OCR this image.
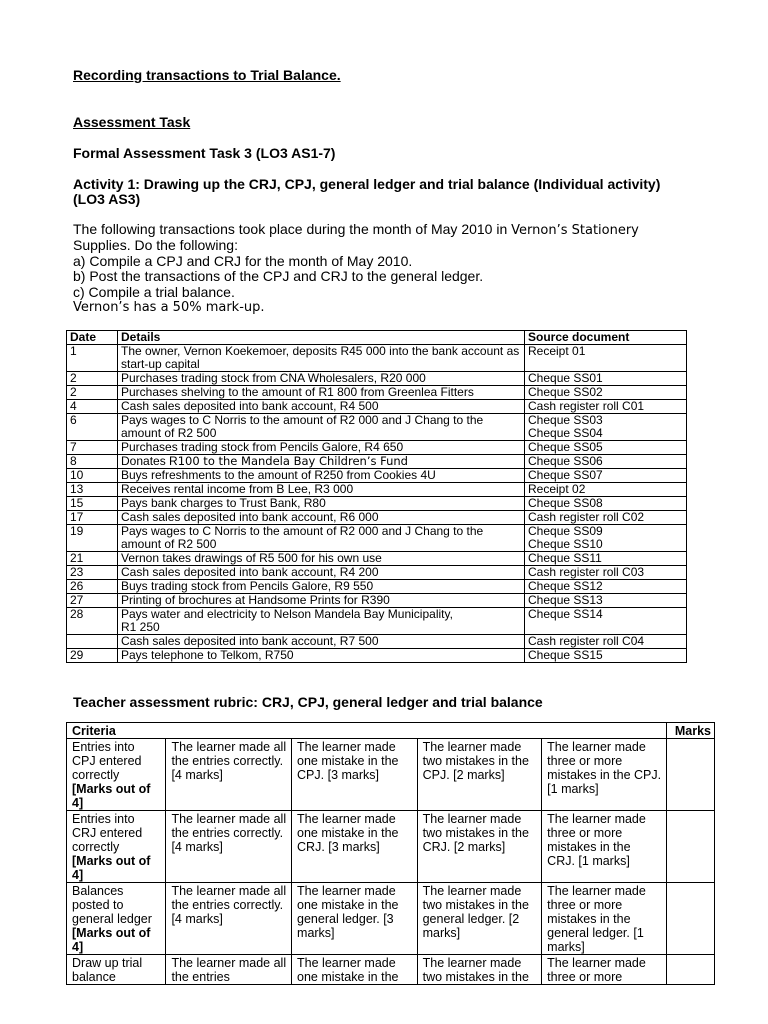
Recording transactions to Trial Balance.
Assessment Task
Formal Assessment Task 3 (LO3 AS1-7)
Activity 1: Drawing up the CRJ, CPJ, general ledger and trial balance (Individual activity) (LO3 AS3)
The following transactions took place during the month of May 2010 in Vernon’s Stationery
Supplies. Do the following:
a) Compile a CPJ and CRJ for the month of May 2010.
b) Post the transactions of the CPJ and CRJ to the general ledger.
c) Compile a trial balance.
Vernon’s has a 50% mark-up.
Date	Details	Source document
1	The owner, Vernon Koekemoer, deposits R45 000 into the bank account as start-up capital	Receipt 01
2	Purchases trading stock from CNA Wholesalers, R20 000	Cheque SS01
2	Purchases shelving to the amount of R1 800 from Greenlea Fitters	Cheque SS02
4	Cash sales deposited into bank account, R4 500	Cash register roll C01
6	Pays wages to C Norris to the amount of R2 000 and J Chang to the amount of R2 500	Cheque SS03
Cheque SS04
7	Purchases trading stock from Pencils Galore, R4 650	Cheque SS05
8	Donates R100 to the Mandela Bay Children’s Fund	Cheque SS06
10	Buys refreshments to the amount of R250 from Cookies 4U	Cheque SS07
13	Receives rental income from B Lee, R3 000	Receipt 02
15	Pays bank charges to Trust Bank, R80	Cheque SS08
17	Cash sales deposited into bank account, R6 000	Cash register roll C02
19	Pays wages to C Norris to the amount of R2 000 and J Chang to the amount of R2 500	Cheque SS09
Cheque SS10
21	Vernon takes drawings of R5 500 for his own use	Cheque SS11
23	Cash sales deposited into bank account, R4 200	Cash register roll C03
26	Buys trading stock from Pencils Galore, R9 550	Cheque SS12
27	Printing of brochures at Handsome Prints for R390	Cheque SS13
28	Pays water and electricity to Nelson Mandela Bay Municipality,
R1 250	Cheque SS14
	Cash sales deposited into bank account, R7 500	Cash register roll C04
29	Pays telephone to Telkom, R750	Cheque SS15
Teacher assessment rubric: CRJ, CPJ, general ledger and trial balance
Criteria					Marks
Entries into CPJ entered correctly
[Marks out of 4]	The learner made all the entries correctly. [4 marks]	The learner made one mistake in the CPJ. [3 marks]	The learner made two mistakes in the CPJ. [2 marks]	The learner made three or more mistakes in the CPJ. [1 marks]	
Entries into CRJ entered correctly
[Marks out of 4]	The learner made all the entries correctly. [4 marks]	The learner made one mistake in the CRJ. [3 marks]	The learner made two mistakes in the CRJ. [2 marks]	The learner made three or more mistakes in the CRJ. [1 marks]	
Balances posted to general ledger
[Marks out of 4]	The learner made all the entries correctly. [4 marks]	The learner made one mistake in the general ledger. [3 marks]	The learner made two mistakes in the general ledger. [2 marks]	The learner made three or more mistakes in the general ledger. [1 marks]	
Draw up trial balance	The learner made all the entries	The learner made one mistake in the	The learner made two mistakes in the	The learner made three or more	
